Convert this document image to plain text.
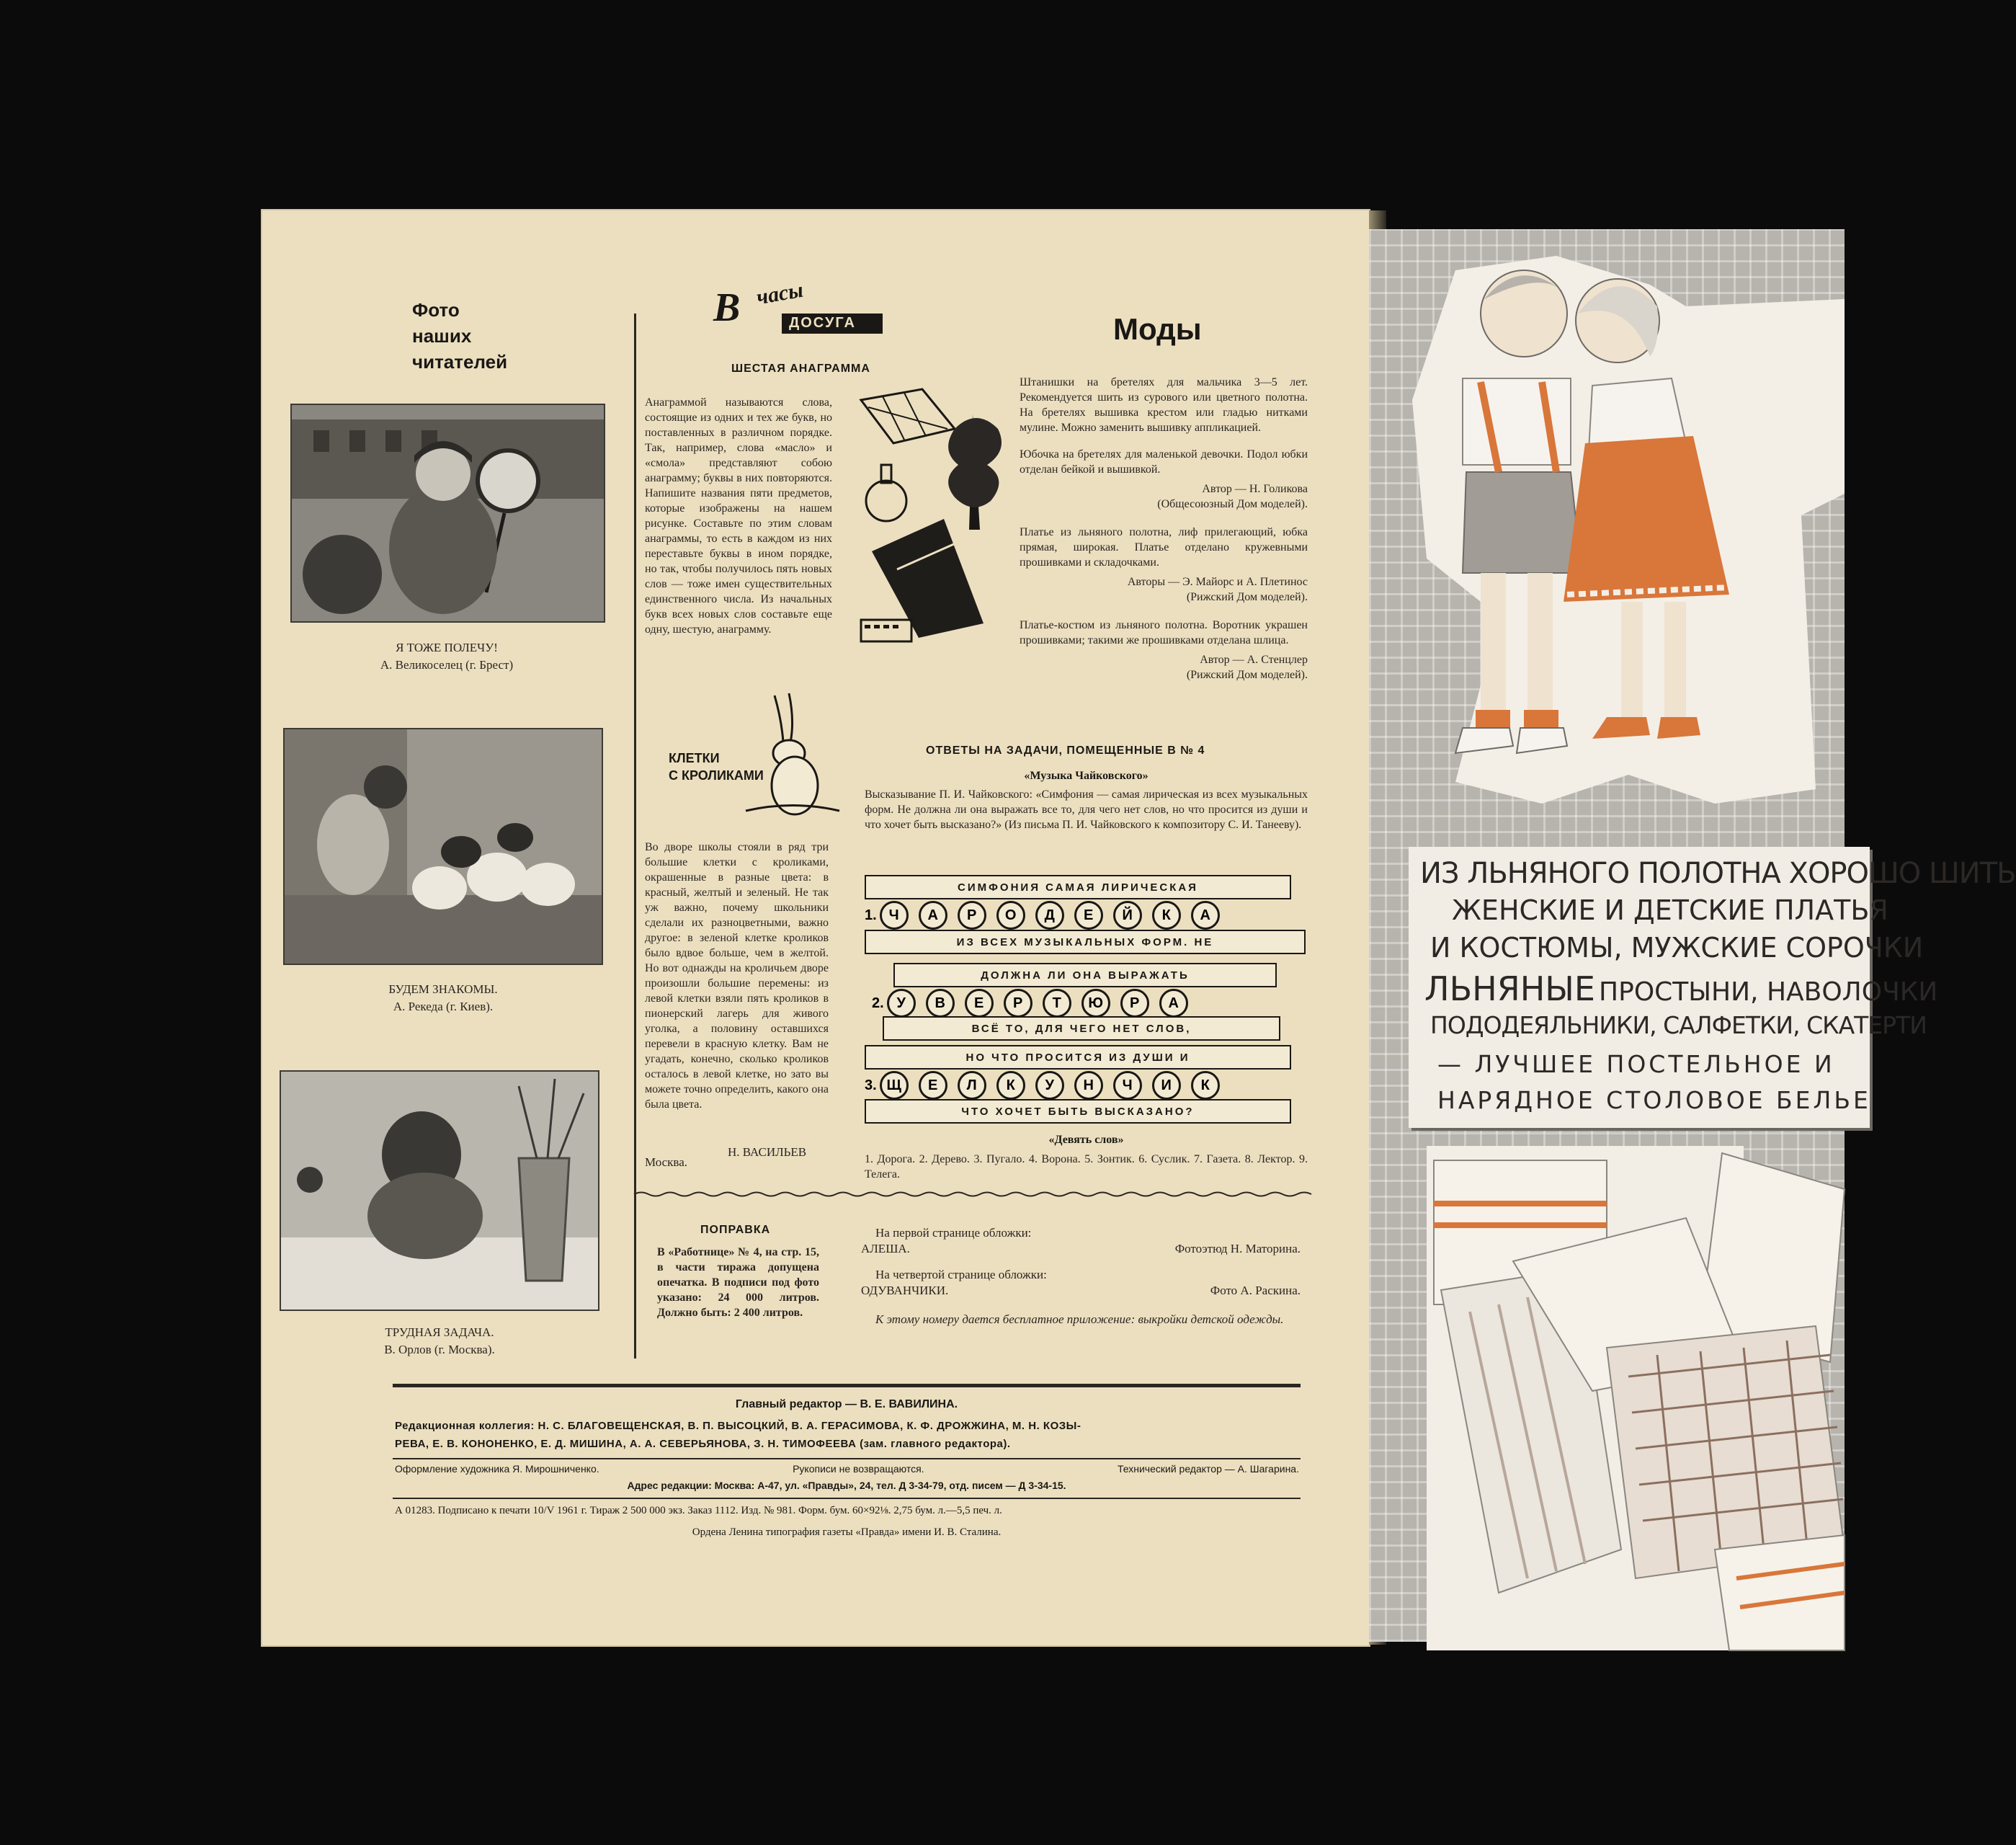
Фото
наших
читателей
Я ТОЖЕ ПОЛЕЧУ!
А. Великоселец (г. Брест)
БУДЕМ ЗНАКОМЫ.
А. Рекеда (г. Киев).
ТРУДНАЯ ЗАДАЧА.
В. Орлов (г. Москва).
В часы
ДОСУГА
ШЕСТАЯ АНАГРАММА
Анаграммой называются слова, состоящие из одних и тех же букв, но поставленных в различном порядке. Так, например, слова «масло» и «смола» представляют собою анаграмму; буквы в них повторяются. Напишите названия пяти предметов, которые изображены на нашем рисунке. Составьте по этим словам анаграммы, то есть в каждом из них переставьте буквы в ином порядке, но так, чтобы получилось пять новых слов — тоже имен существительных единственного числа. Из начальных букв всех новых слов составьте еще одну, шестую, анаграмму.
КЛЕТКИ
С КРОЛИКАМИ
Во дворе школы стояли в ряд три большие клетки с кроликами, окрашенные в разные цвета: в красный, желтый и зеленый. Не так уж важно, почему школьники сделали их разноцветными, важно другое: в зеленой клетке кроликов было вдвое больше, чем в желтой. Но вот однажды на кроличьем дворе произошли большие перемены: из левой клетки взяли пять кроликов в пионерский лагерь для живого уголка, а половину оставшихся перевели в красную клетку. Вам не угадать, конечно, сколько кроликов осталось в левой клетке, но зато вы можете точно определить, какого она была цвета.
Н. ВАСИЛЬЕВ
Москва.
Моды
Штанишки на бретелях для мальчика 3—5 лет. Рекомендуется шить из сурового или цветного полотна. На бретелях вышивка крестом или гладью нитками мулине. Можно заменить вышивку аппликацией.
Юбочка на бретелях для маленькой девочки. Подол юбки отделан бейкой и вышивкой.
Автор — Н. Голикова
(Общесоюзный Дом моделей).
Платье из льняного полотна, лиф прилегающий, юбка прямая, широкая. Платье отделано кружевными прошивками и складочками.
Авторы — Э. Майорс и А. Плетинос
(Рижский Дом моделей).
Платье-костюм из льняного полотна. Воротник украшен прошивками; такими же прошивками отделана шлица.
Автор — А. Стенцлер
(Рижский Дом моделей).
ОТВЕТЫ НА ЗАДАЧИ, ПОМЕЩЕННЫЕ В № 4
«Музыка Чайковского»
Высказывание П. И. Чайковского: «Симфония — самая лирическая из всех музыкальных форм. Не должна ли она выражать все то, для чего нет слов, но что просится из души и что хочет быть высказано?» (Из письма П. И. Чайковского к композитору С. И. Танееву).
СИМФОНИЯ САМАЯ ЛИРИЧЕСКАЯ
1. Ч	А	Р	О	Д	Е	Й	К	А
ИЗ ВСЕХ МУЗЫКАЛЬНЫХ ФОРМ. НЕ
ДОЛЖНА ЛИ ОНА ВЫРАЖАТЬ
2. У	В	Е	Р	Т	Ю	Р	А
ВСЁ ТО, ДЛЯ ЧЕГО НЕТ СЛОВ,
НО ЧТО ПРОСИТСЯ ИЗ ДУШИ И
3. Щ	Е	Л	К	У	Н	Ч	И	К
ЧТО ХОЧЕТ БЫТЬ ВЫСКАЗАНО?
«Девять слов»
1. Дорога. 2. Дерево. 3. Пугало. 4. Ворона. 5. Зонтик. 6. Суслик. 7. Газета. 8. Лектор. 9. Телега.
ПОПРАВКА
В «Работнице» № 4, на стр. 15, в части тиража допущена опечатка. В подписи под фото указано: 24 000 литров. Должно быть: 2 400 литров.
На первой странице обложки:
АЛЕША.	Фотоэтюд Н. Маторина.
На четвертой странице обложки:
ОДУВАНЧИКИ.	Фото А. Раскина.
К этому номеру дается бесплатное приложение: выкройки детской одежды.
Главный редактор — В. Е. ВАВИЛИНА.
Редакционная коллегия: Н. С. БЛАГОВЕЩЕНСКАЯ, В. П. ВЫСОЦКИЙ, В. А. ГЕРАСИМОВА, К. Ф. ДРОЖЖИНА, М. Н. КОЗЫ-
РЕВА, Е. В. КОНОНЕНКО, Е. Д. МИШИНА, А. А. СЕВЕРЬЯНОВА, З. Н. ТИМОФЕЕВА (зам. главного редактора).
Оформление художника Я. Мирошниченко.	Рукописи не возвращаются.	Технический редактор — А. Шагарина.
Адрес редакции: Москва: А-47, ул. «Правды», 24, тел. Д 3-34-79, отд. писем — Д 3-34-15.
А 01283. Подписано к печати 10/V 1961 г. Тираж 2 500 000 экз. Заказ 1112. Изд. № 981. Форм. бум. 60×92⅛. 2,75 бум. л.—5,5 печ. л.
Ордена Ленина типография газеты «Правда» имени И. В. Сталина.
ИЗ ЛЬНЯНОГО ПОЛОТНА ХОРОШО ШИТЬ
ЖЕНСКИЕ И ДЕТСКИЕ ПЛАТЬЯ
И КОСТЮМЫ, МУЖСКИЕ СОРОЧКИ
ЛЬНЯНЫЕ ПРОСТЫНИ, НАВОЛОЧКИ
ПОДОДЕЯЛЬНИКИ, САЛФЕТКИ, СКАТЕРТИ
— ЛУЧШЕЕ ПОСТЕЛЬНОЕ И
НАРЯДНОЕ СТОЛОВОЕ БЕЛЬЕ
